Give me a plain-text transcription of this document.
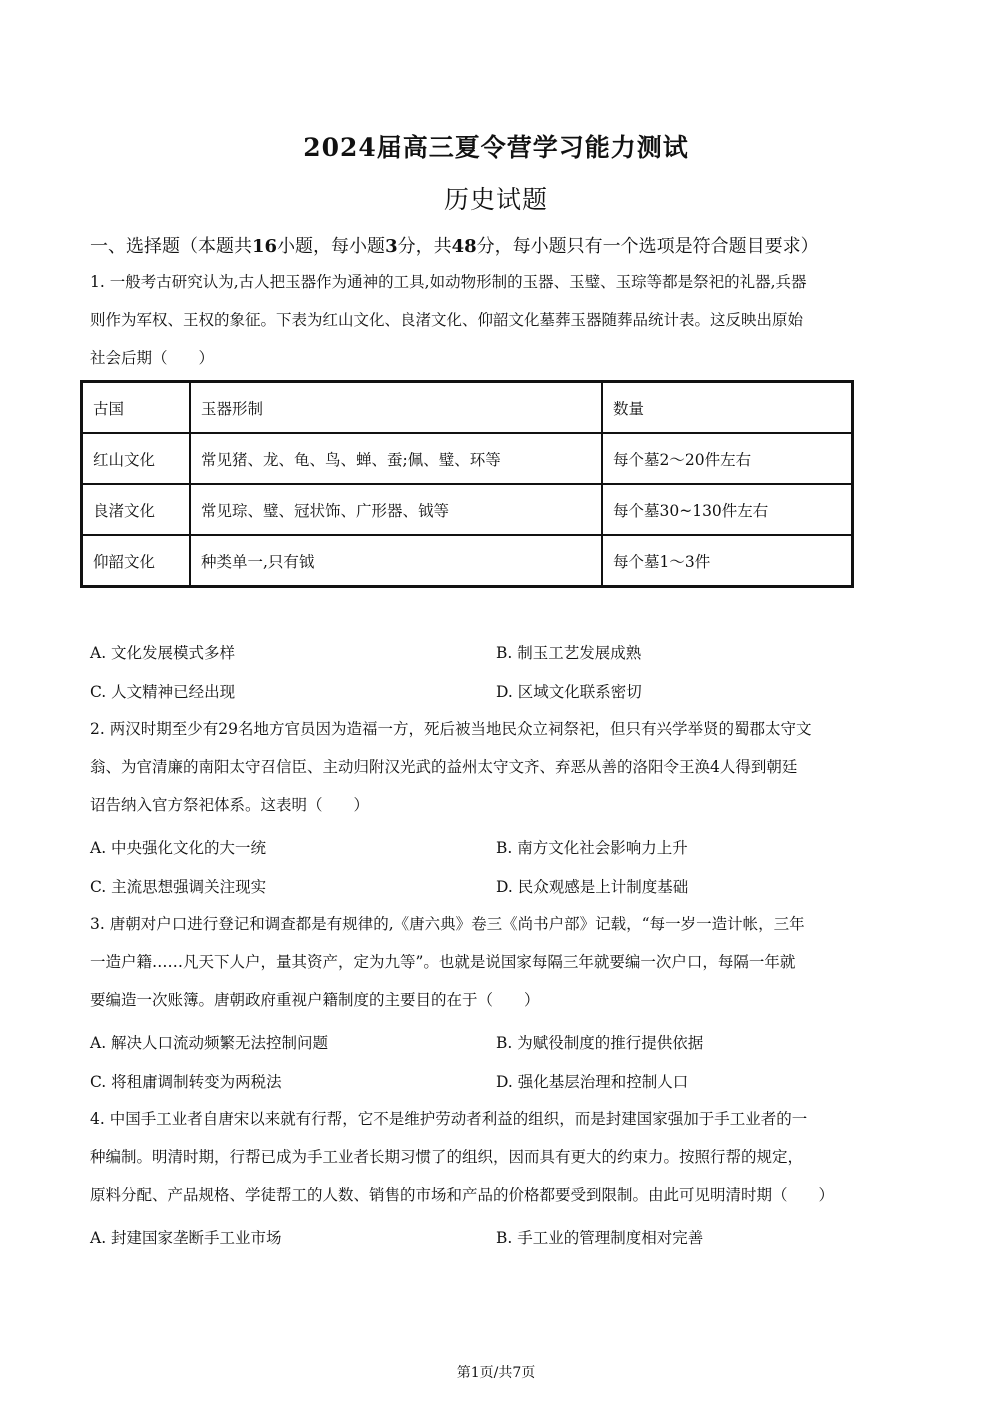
2024届高三夏令营学习能力测试
历史试题
一、选择题（本题共16小题，每小题3分，共48分，每小题只有一个选项是符合题目要求）

1. 一般考古研究认为,古人把玉器作为通神的工具,如动物形制的玉器、玉璧、玉琮等都是祭祀的礼器,兵器

则作为军权、王权的象征。下表为红山文化、良渚文化、仰韶文化墓葬玉器随葬品统计表。这反映出原始

社会后期（　　）

古国	玉器形制	数量
红山文化	常见猪、龙、龟、鸟、蝉、蚕;佩、璧、环等	每个墓2～20件左右
良渚文化	常见琮、璧、冠状饰、广形器、钺等	每个墓30~130件左右
仰韶文化	种类单一,只有钺	每个墓1～3件
A. 文化发展模式多样	B. 制玉工艺发展成熟
C. 人文精神已经出现	D. 区域文化联系密切

2. 两汉时期至少有29名地方官员因为造福一方，死后被当地民众立祠祭祀，但只有兴学举贤的蜀郡太守文

翁、为官清廉的南阳太守召信臣、主动归附汉光武的益州太守文齐、弃恶从善的洛阳令王涣4人得到朝廷

诏告纳入官方祭祀体系。这表明（　　）

A. 中央强化文化的大一统	B. 南方文化社会影响力上升
C. 主流思想强调关注现实	D. 民众观感是上计制度基础

3. 唐朝对户口进行登记和调查都是有规律的,《唐六典》卷三《尚书户部》记载，“每一岁一造计帐，三年

一造户籍……凡天下人户，量其资产，定为九等”。也就是说国家每隔三年就要编一次户口，每隔一年就

要编造一次账簿。唐朝政府重视户籍制度的主要目的在于（　　）

A. 解决人口流动频繁无法控制问题	B. 为赋役制度的推行提供依据
C. 将租庸调制转变为两税法	D. 强化基层治理和控制人口

4. 中国手工业者自唐宋以来就有行帮，它不是维护劳动者利益的组织，而是封建国家强加于手工业者的一

种编制。明清时期，行帮已成为手工业者长期习惯了的组织，因而具有更大的约束力。按照行帮的规定，

原料分配、产品规格、学徒帮工的人数、销售的市场和产品的价格都要受到限制。由此可见明清时期（　　）

A. 封建国家垄断手工业市场	B. 手工业的管理制度相对完善
第1页/共7页
